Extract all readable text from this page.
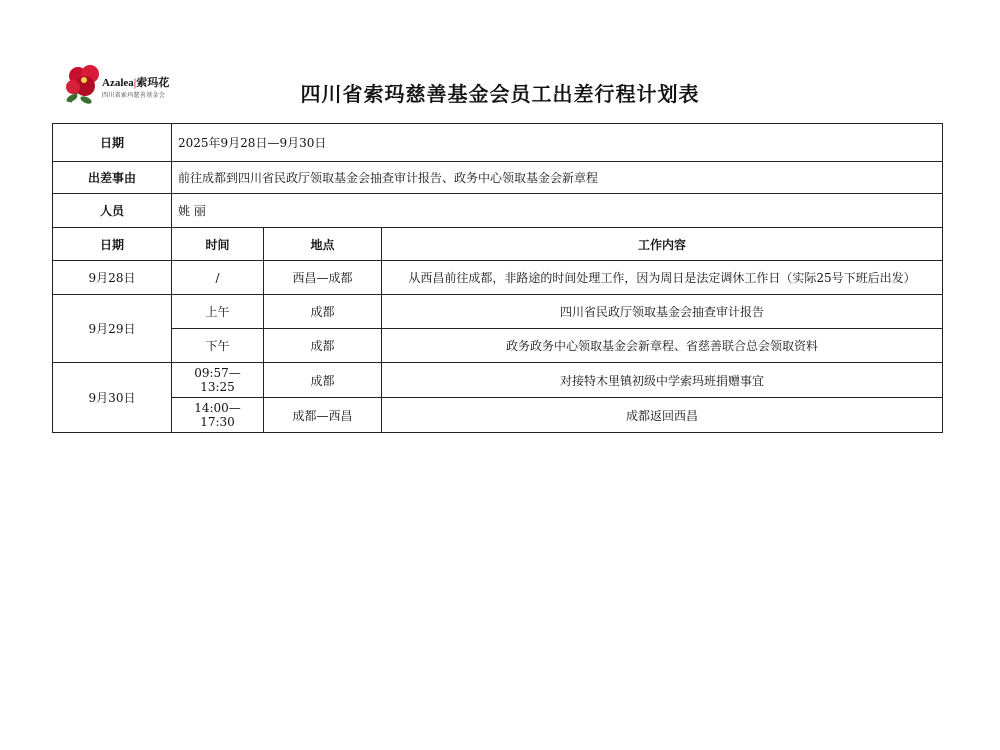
Azalea|索玛花
四川省索玛慈善基金会	四川省索玛慈善基金会员工出差行程计划表
日期	2025年9月28日—9月30日		
出差事由	前往成都到四川省民政厅领取基金会抽查审计报告、政务中心领取基金会新章程		
人员	姚 丽		
日期	时间	地点	工作内容
9月28日	/	西昌—成都	从西昌前往成都，非路途的时间处理工作，因为周日是法定调休工作日（实际25号下班后出发）
9月29日	上午	成都	四川省民政厅领取基金会抽查审计报告
	下午	成都	政务政务中心领取基金会新章程、省慈善联合总会领取资料
9月30日	09:57—13:25	成都	对接特木里镇初级中学索玛班捐赠事宜
	14:00—17:30	成都—西昌	成都返回西昌
